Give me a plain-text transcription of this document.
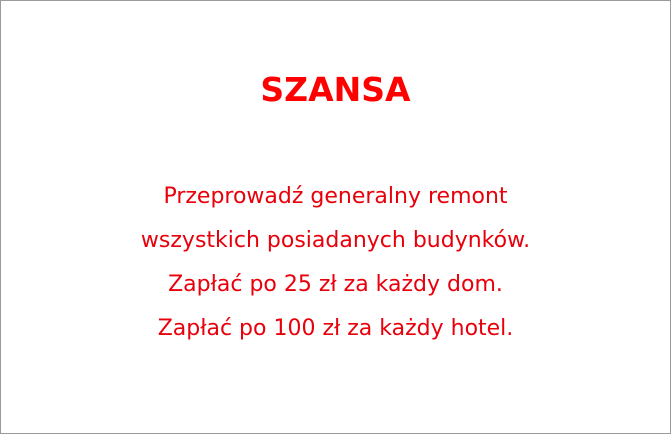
SZANSA
Przeprowadź generalny remont
wszystkich posiadanych budynków.
Zapłać po 25 zł za każdy dom.
Zapłać po 100 zł za każdy hotel.
